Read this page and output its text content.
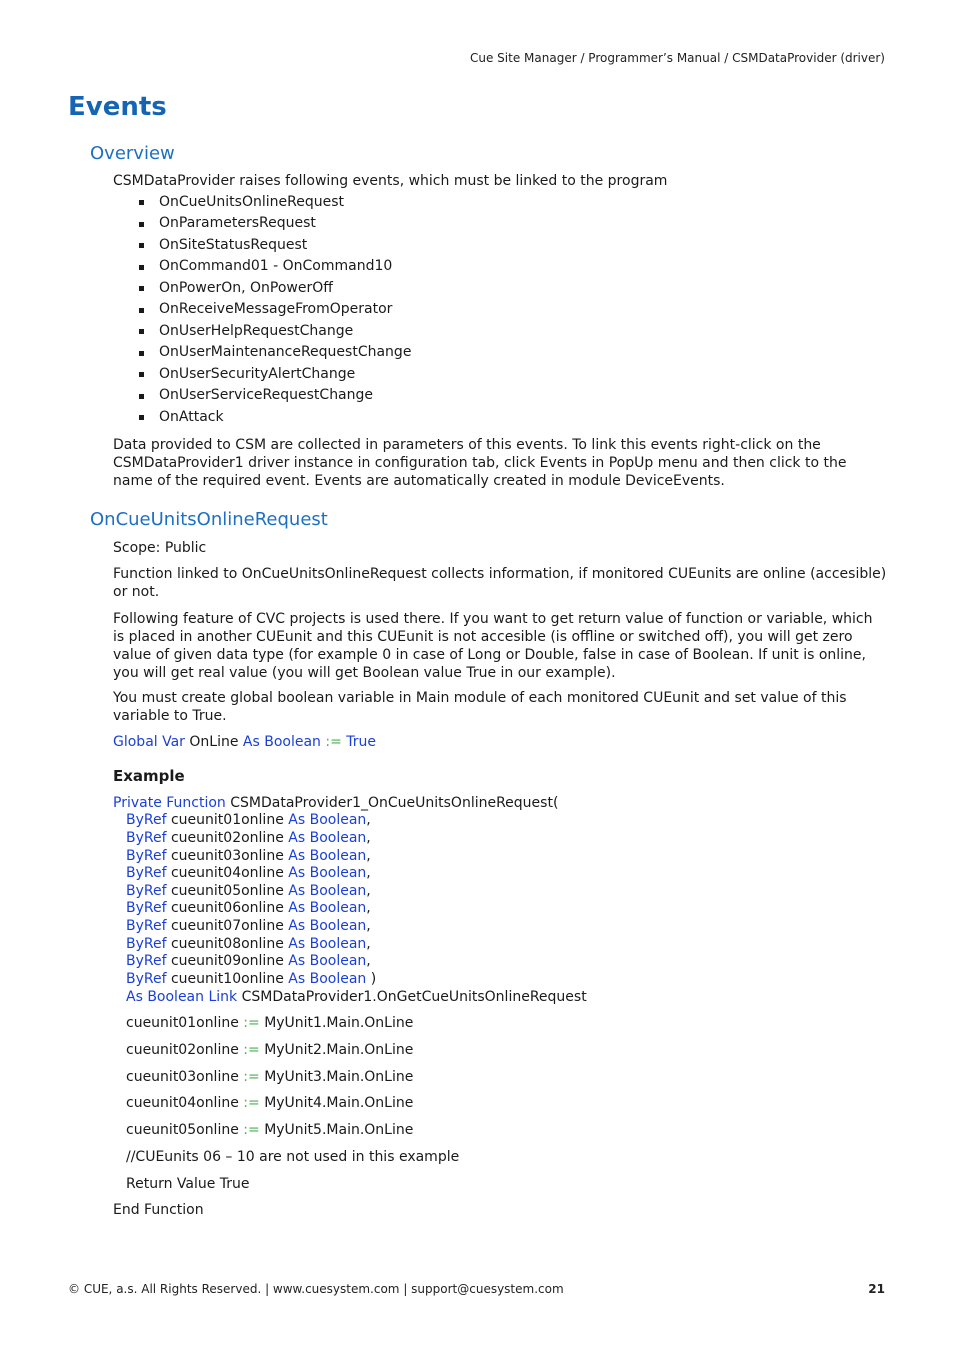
Cue Site Manager / Programmer’s Manual / CSMDataProvider (driver)
Events
Overview
CSMDataProvider raises following events, which must be linked to the program
OnCueUnitsOnlineRequest
OnParametersRequest
OnSiteStatusRequest
OnCommand01 - OnCommand10
OnPowerOn, OnPowerOff
OnReceiveMessageFromOperator
OnUserHelpRequestChange
OnUserMaintenanceRequestChange
OnUserSecurityAlertChange
OnUserServiceRequestChange
OnAttack
Data provided to CSM are collected in parameters of this events. To link this events right-click on the CSMDataProvider1 driver instance in configuration tab, click Events in PopUp menu and then click to the name of the required event. Events are automatically created in module DeviceEvents.
OnCueUnitsOnlineRequest
Scope: Public
Function linked to OnCueUnitsOnlineRequest collects information, if monitored CUEunits are online (accesible) or not.
Following feature of CVC projects is used there. If you want to get return value of function or variable, which is placed in another CUEunit and this CUEunit is not accesible (is offline or switched off), you will get zero value of given data type (for example 0 in case of Long or Double, false in case of Boolean. If unit is online, you will get real value (you will get Boolean value True in our example).
You must create global boolean variable in Main module of each monitored CUEunit and set value of this variable to True.
Global Var OnLine As Boolean := True
Example
Private Function CSMDataProvider1_OnCueUnitsOnlineRequest(
ByRef cueunit01online As Boolean,
ByRef cueunit02online As Boolean,
ByRef cueunit03online As Boolean,
ByRef cueunit04online As Boolean,
ByRef cueunit05online As Boolean,
ByRef cueunit06online As Boolean,
ByRef cueunit07online As Boolean,
ByRef cueunit08online As Boolean,
ByRef cueunit09online As Boolean,
ByRef cueunit10online As Boolean )
As Boolean Link CSMDataProvider1.OnGetCueUnitsOnlineRequest
cueunit01online := MyUnit1.Main.OnLine
cueunit02online := MyUnit2.Main.OnLine
cueunit03online := MyUnit3.Main.OnLine
cueunit04online := MyUnit4.Main.OnLine
cueunit05online := MyUnit5.Main.OnLine
//CUEunits 06 – 10 are not used in this example
Return Value True
End Function
© CUE, a.s. All Rights Reserved. | www.cuesystem.com | support@cuesystem.com	21
